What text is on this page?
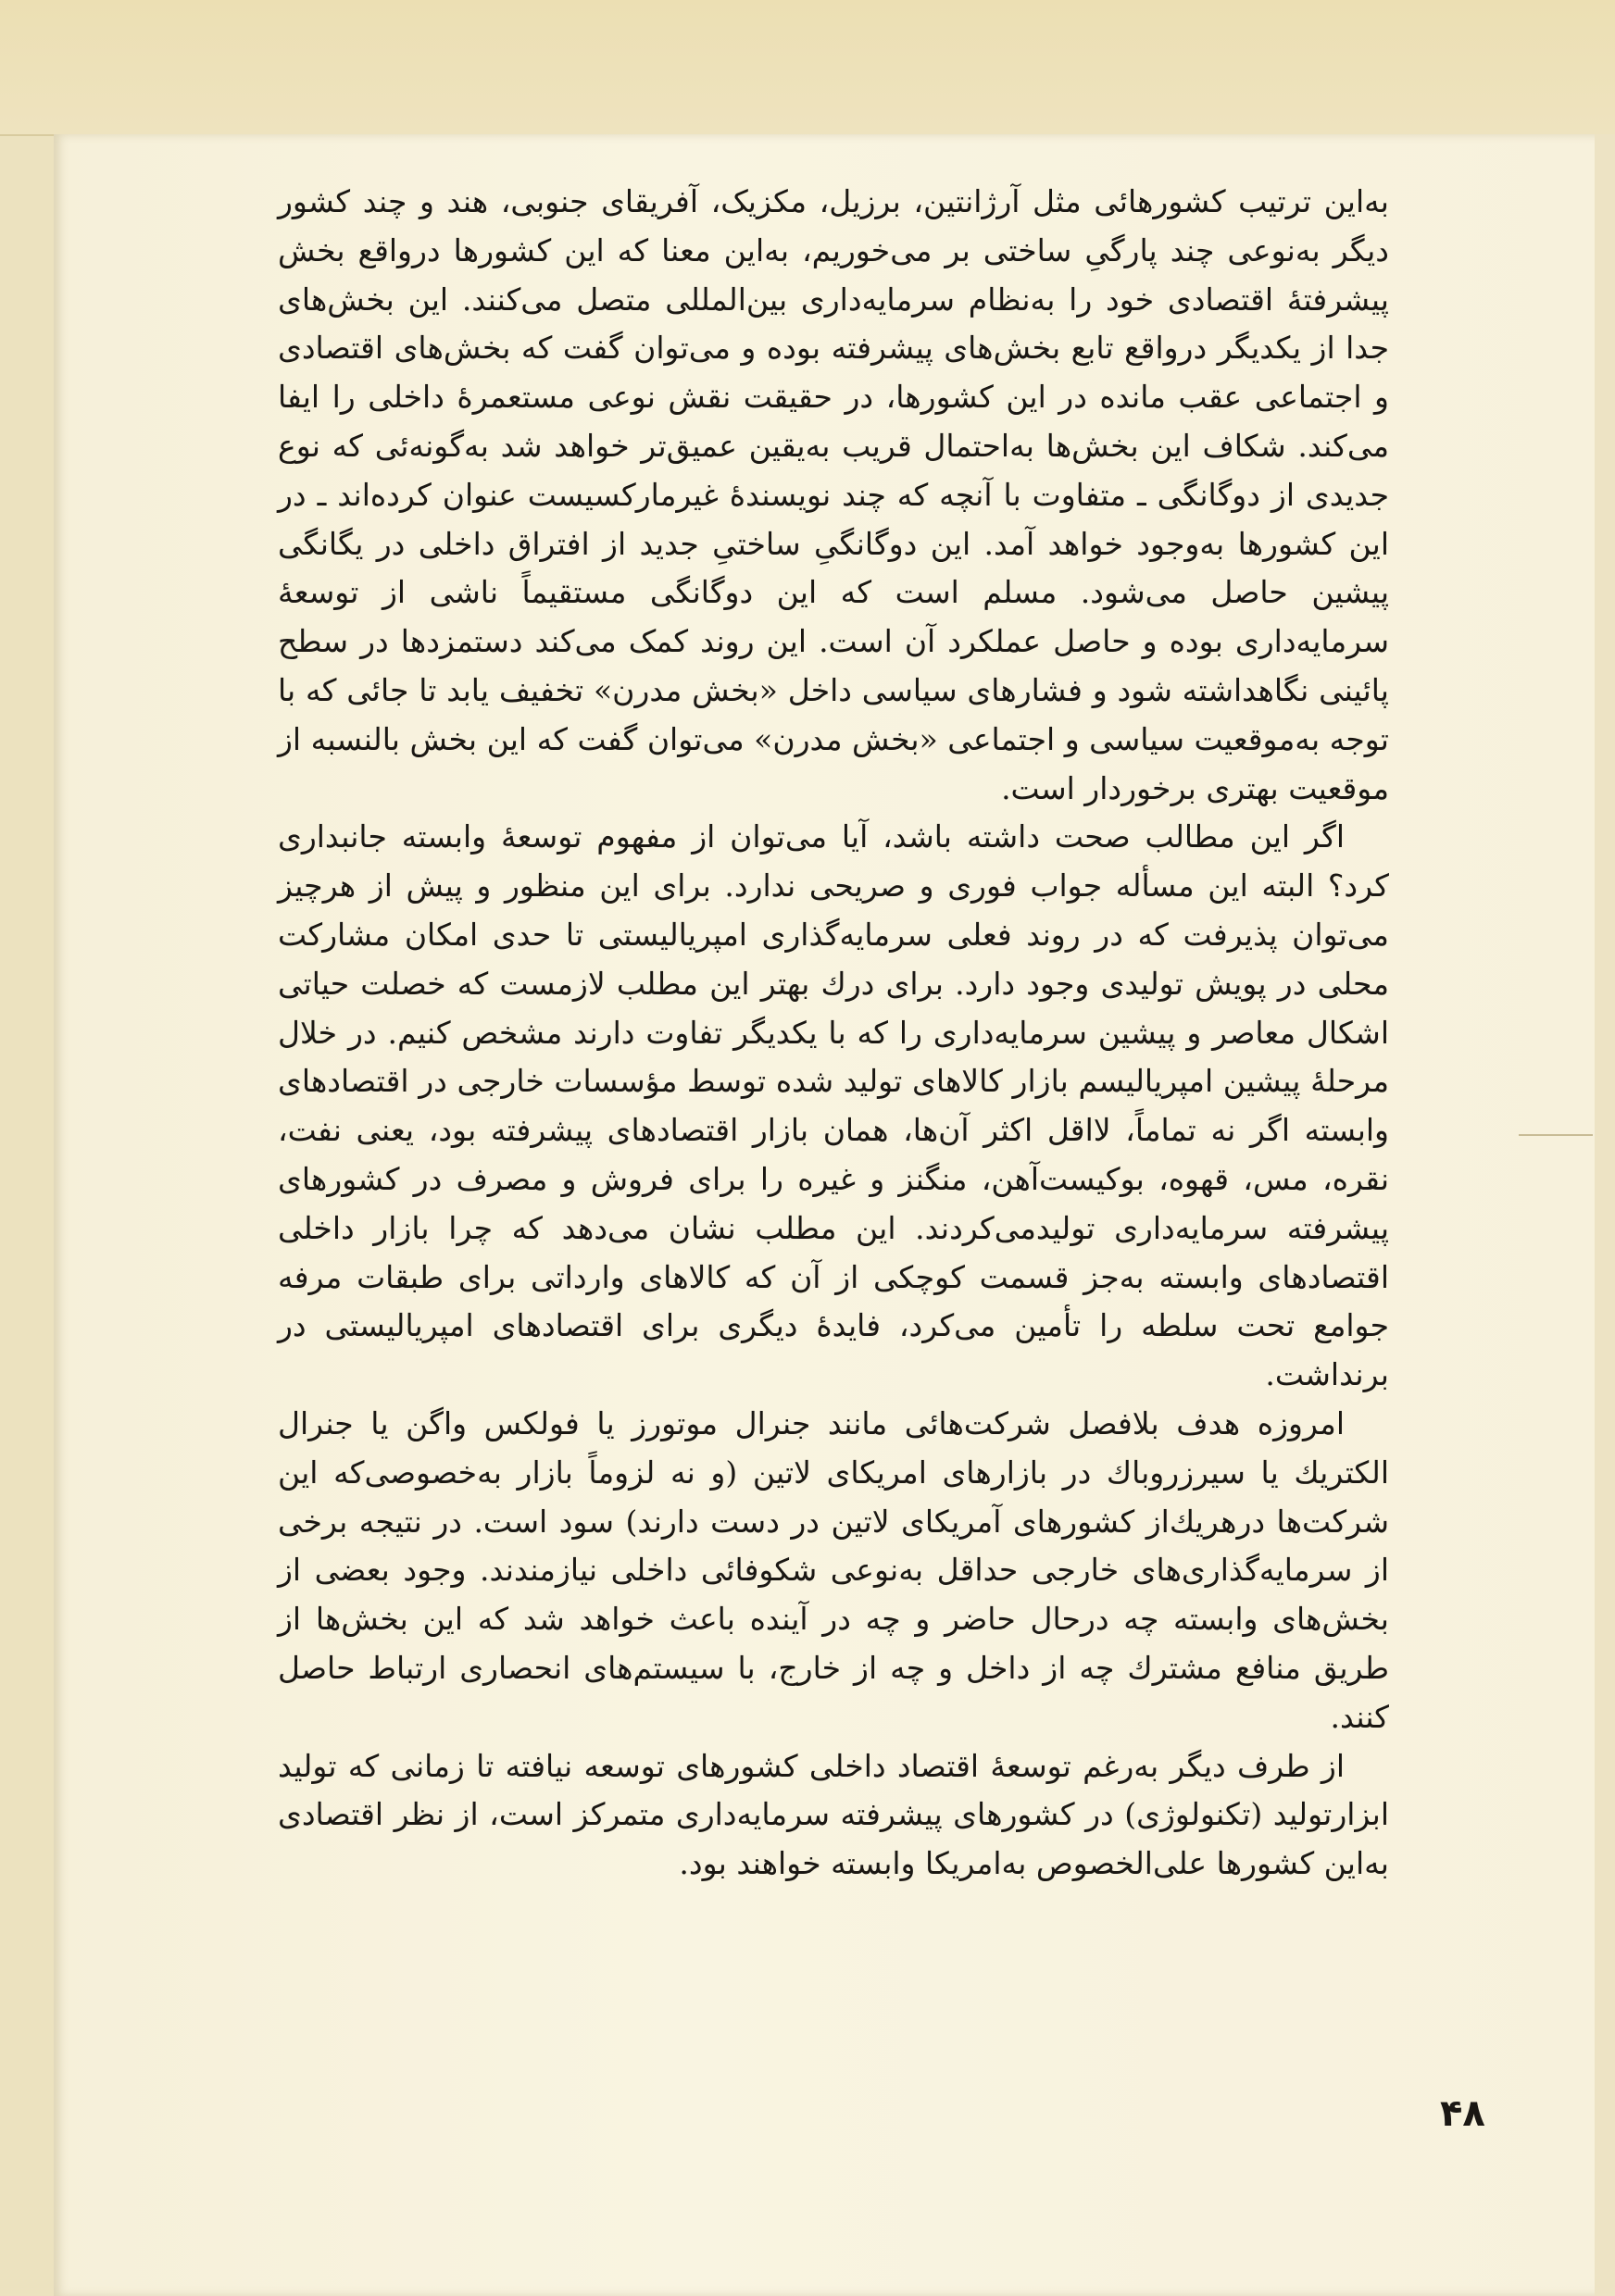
به‌این ترتیب کشورهائی مثل آرژانتین، برزیل، مکزیک، آفریقای جنوبی، هند و چند کشور دیگر به‌نوعی چند پارگیِ ساختی بر می‌خوریم، به‌این معنا که این کشورها درواقع بخش پیشرفتهٔ اقتصادی خود را به‌نظام سرمایه‌داری بین‌المللی متصل می‌کنند. این بخش‌های جدا از یکدیگر درواقع تابع بخش‌های پیشرفته بوده و می‌توان گفت که بخش‌های اقتصادی و اجتماعی عقب مانده در این کشورها، در حقیقت نقش نوعی مستعمرهٔ داخلی را ایفا می‌کند. شکاف این بخش‌ها به‌احتمال قریب به‌یقین عمیق‌تر خواهد شد به‌گونه‌ئی که نوع جدیدی از دوگانگی ـ متفاوت با آنچه که چند نویسندهٔ غیرمارکسیست عنوان کرده‌اند ـ در این کشورها به‌وجود خواهد آمد. این دوگانگیِ ساختیِ جدید از افتراق داخلی در یگانگی پیشین حاصل می‌شود. مسلم است که این دوگانگی مستقیماً ناشی از توسعهٔ سرمایه‌داری بوده و حاصل عملکرد آن است. این روند کمک می‌کند دستمزدها در سطح پائینی نگاهداشته شود و فشارهای سیاسی داخل «بخش مدرن» تخفیف یابد تا جائی که با توجه به‌موقعیت سیاسی و اجتماعی «بخش مدرن» می‌توان گفت که این بخش بالنسبه از موقعیت بهتری برخوردار است.

اگر این مطالب صحت داشته باشد، آیا می‌توان از مفهوم توسعهٔ وابسته جانبداری کرد؟ البته این مسأله جواب فوری و صریحی ندارد. برای این منظور و پیش از هرچیز می‌توان پذیرفت که در روند فعلی سرمایه‌گذاری امپریالیستی تا حدی امکان مشارکت محلی در پویش تولیدی وجود دارد. برای درك بهتر این مطلب لازمست که خصلت حیاتی اشکال معاصر و پیشین سرمایه‌داری را که با یکدیگر تفاوت دارند مشخص کنیم. در خلال مرحلهٔ پیشین امپریالیسم بازار کالاهای تولید شده توسط مؤسسات خارجی در اقتصادهای وابسته اگر نه تماماً، لااقل اکثر آن‌ها، همان بازار اقتصادهای پیشرفته بود، یعنی نفت، نقره، مس، قهوه، بوکیست‌آهن، منگنز و غیره را برای فروش و مصرف در کشورهای پیشرفته سرمایه‌داری تولیدمی‌کردند. این مطلب نشان می‌دهد که چرا بازار داخلی اقتصادهای وابسته به‌جز قسمت کوچکی از آن که کالاهای وارداتی برای طبقات مرفه جوامع تحت سلطه را تأمین می‌کرد، فایدهٔ دیگری برای اقتصادهای امپریالیستی در برنداشت.

امروزه هدف بلافصل شرکت‌هائی مانند جنرال موتورز یا فولکس واگن یا جنرال الکتریك یا سیرزروباك در بازارهای امریکای لاتین (و نه لزوماً بازار به‌خصوصی‌که این شرکت‌ها درهریك‌از کشورهای آمریکای لاتین در دست دارند) سود است. در نتیجه برخی از سرمایه‌گذاری‌های خارجی حداقل به‌نوعی شکوفائی داخلی نیازمندند. وجود بعضی از بخش‌های وابسته چه درحال حاضر و چه در آینده باعث خواهد شد که این بخش‌ها از طریق منافع مشترك چه از داخل و چه از خارج، با سیستم‌های انحصاری ارتباط حاصل کنند.

از طرف دیگر به‌رغم توسعهٔ اقتصاد داخلی کشورهای توسعه نیافته تا زمانی که تولید ابزارتولید (تکنولوژی) در کشورهای پیشرفته سرمایه‌داری متمرکز است، از نظر اقتصادی به‌این کشورها علی‌الخصوص به‌امریکا وابسته خواهند بود.

۴۸
